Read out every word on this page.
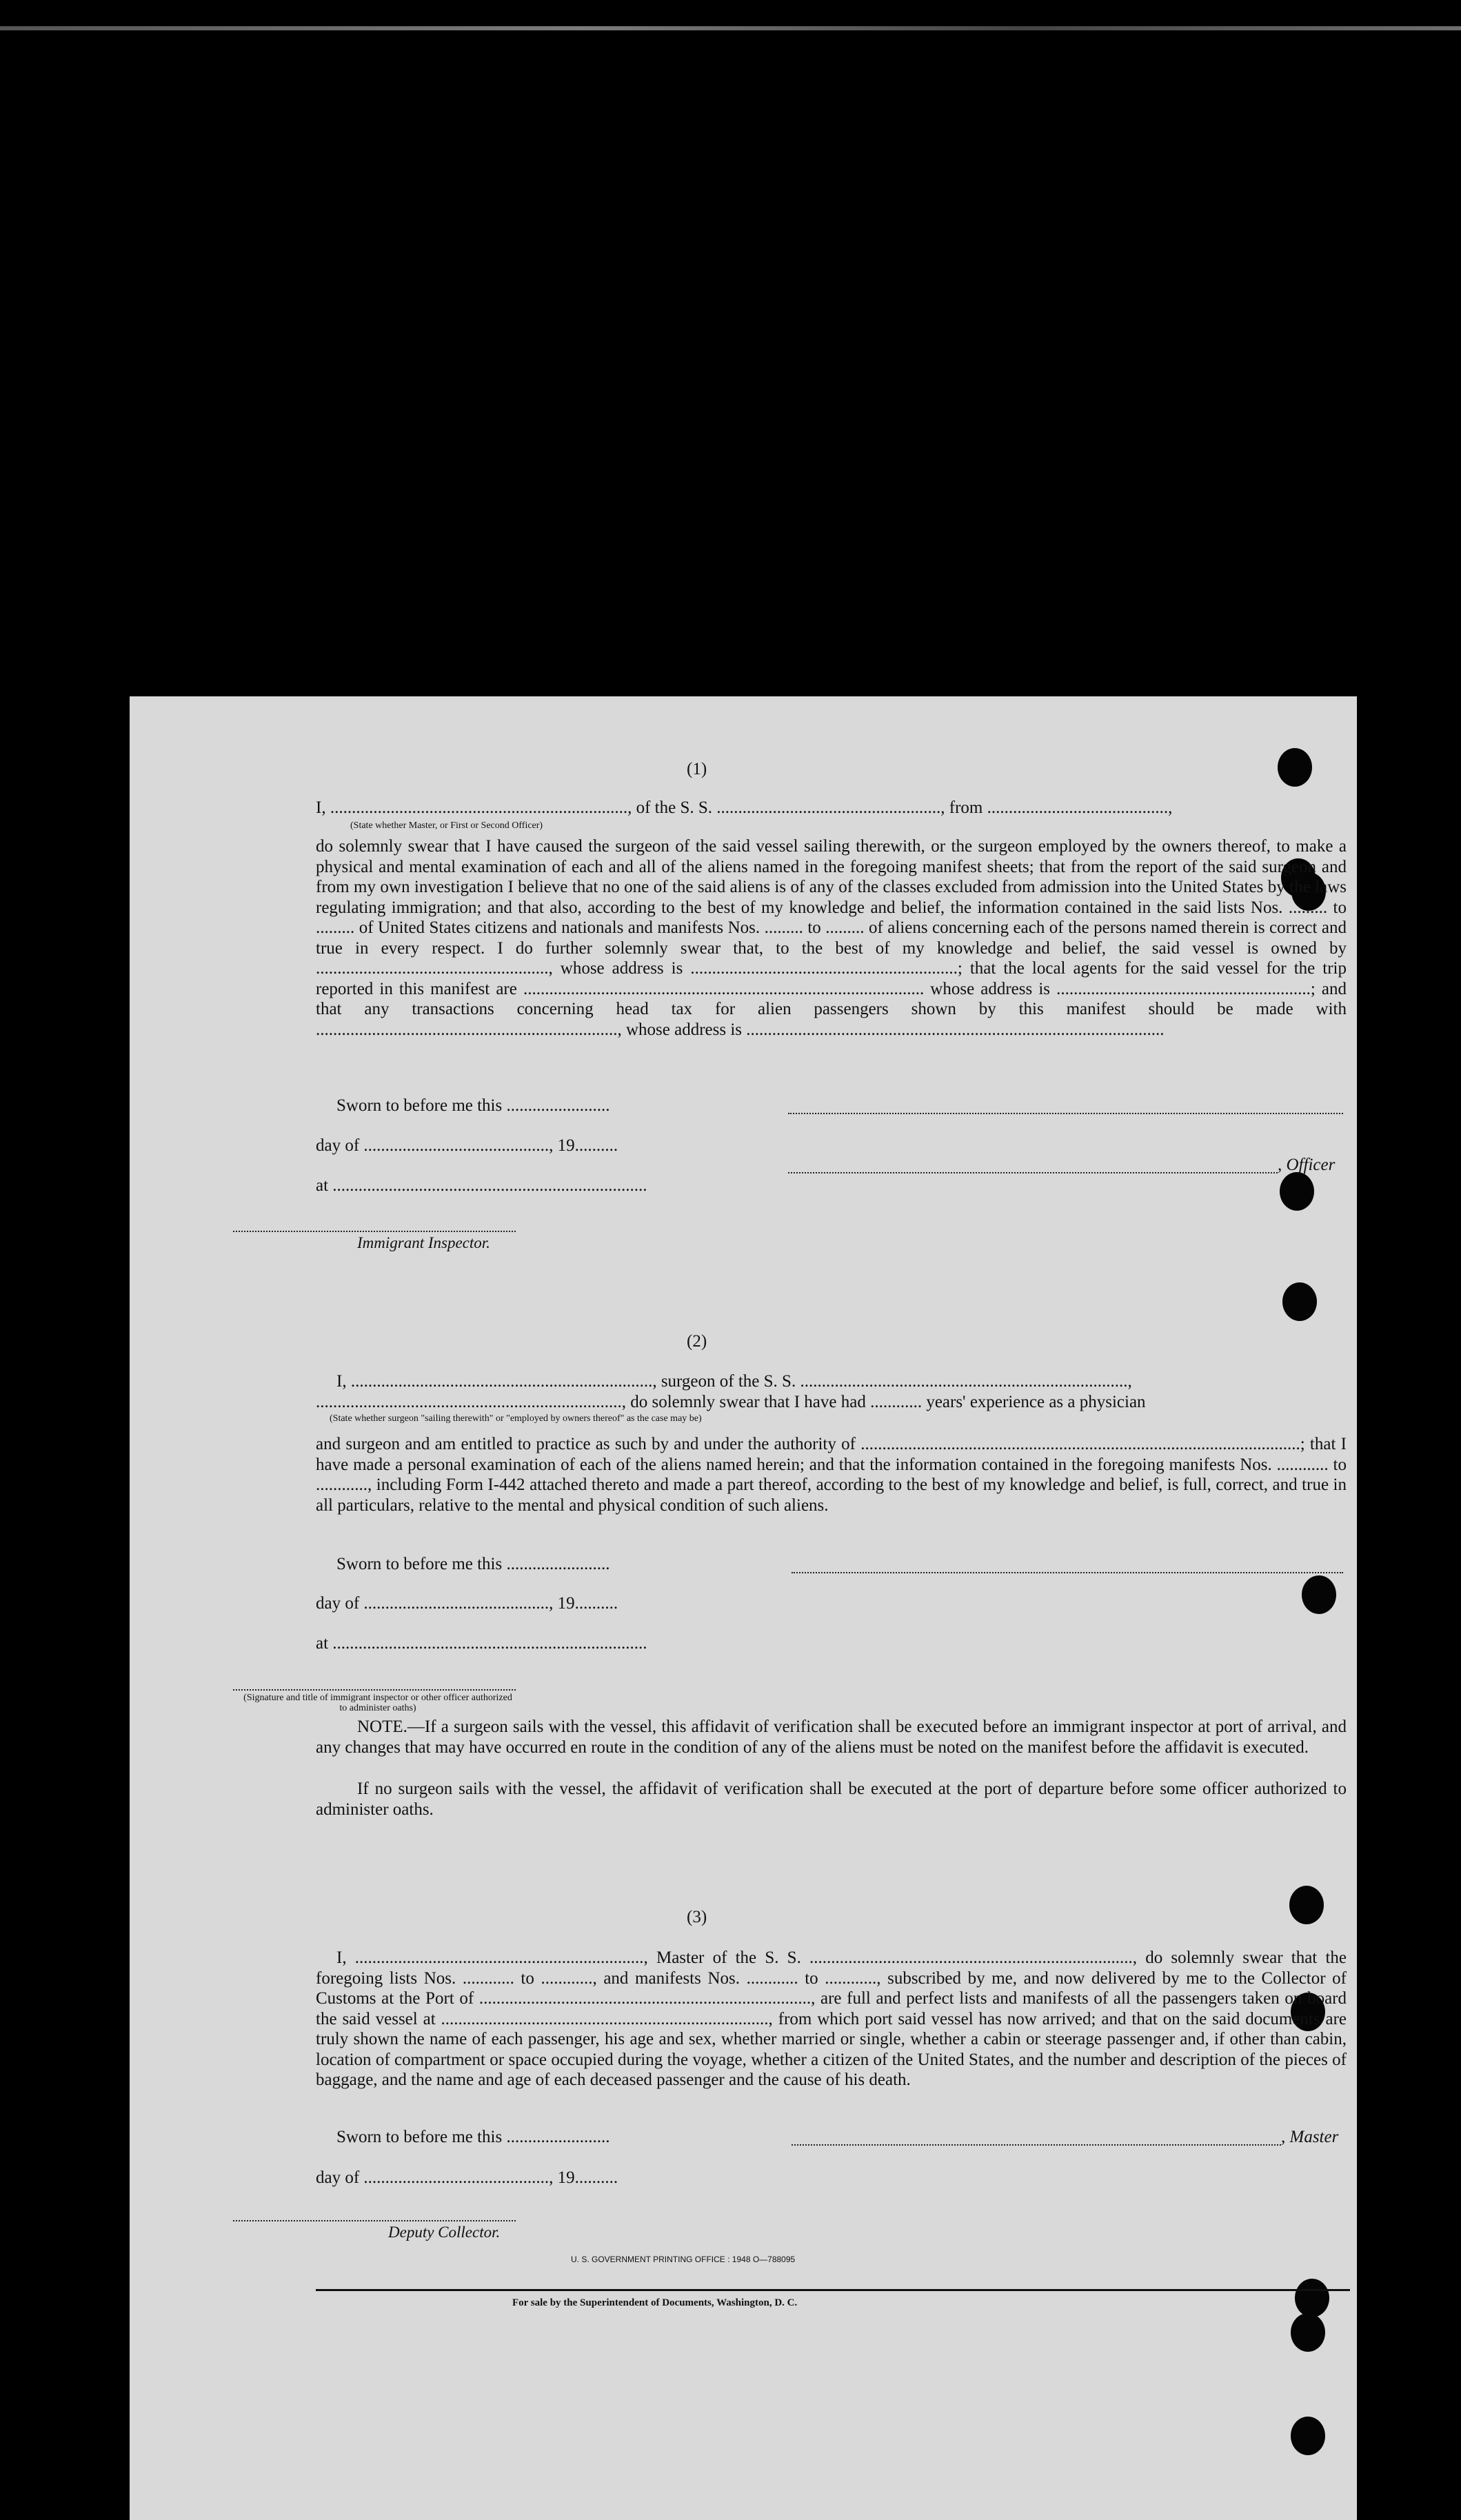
(1)
I, ....................................................................., of the S. S. ...................................................., from ..........................................,
(State whether Master, or First or Second Officer)
do solemnly swear that I have caused the surgeon of the said vessel sailing therewith, or the surgeon employed by the owners thereof, to make a physical and mental examination of each and all of the aliens named in the foregoing manifest sheets; that from the report of the said surgeon and from my own investigation I believe that no one of the said aliens is of any of the classes excluded from admission into the United States by the laws regulating immigration; and that also, according to the best of my knowledge and belief, the information contained in the said lists Nos. ......... to ......... of United States citizens and nationals and manifests Nos. ......... to ......... of aliens concerning each of the persons named therein is correct and true in every respect. I do further solemnly swear that, to the best of my knowledge and belief, the said vessel is owned by ......................................................, whose address is ..............................................................; that the local agents for the said vessel for the trip reported in this manifest are ............................................................................................. whose address is ...........................................................; and that any transactions concerning head tax for alien passengers shown by this manifest should be made with ......................................................................, whose address is .................................................................................................
Sworn to before me this ........................
day of ..........................................., 19..........
, Officer
at .........................................................................
Immigrant Inspector.
(2)
I, ......................................................................, surgeon of the S. S. ............................................................................,
......................................................................., do solemnly swear that I have had ............ years' experience as a physician
(State whether surgeon "sailing therewith" or "employed by owners thereof" as the case may be)
and surgeon and am entitled to practice as such by and under the authority of ......................................................................................................; that I have made a personal examination of each of the aliens named herein; and that the information contained in the foregoing manifests Nos. ............ to ............, including Form I-442 attached thereto and made a part thereof, according to the best of my knowledge and belief, is full, correct, and true in all particulars, relative to the mental and physical condition of such aliens.
Sworn to before me this ........................
day of ..........................................., 19..........
at .........................................................................
(Signature and title of immigrant inspector or other officer authorized to administer oaths)
NOTE.—If a surgeon sails with the vessel, this affidavit of verification shall be executed before an immigrant inspector at port of arrival, and any changes that may have occurred en route in the condition of any of the aliens must be noted on the manifest before the affidavit is executed.
If no surgeon sails with the vessel, the affidavit of verification shall be executed at the port of departure before some officer authorized to administer oaths.
(3)
I, ..................................................................., Master of the S. S. ..........................................................................., do solemnly swear that the foregoing lists Nos. ............ to ............, and manifests Nos. ............ to ............, subscribed by me, and now delivered by me to the Collector of Customs at the Port of ............................................................................., are full and perfect lists and manifests of all the passengers taken on board the said vessel at ............................................................................, from which port said vessel has now arrived; and that on the said documents are truly shown the name of each passenger, his age and sex, whether married or single, whether a cabin or steerage passenger and, if other than cabin, location of compartment or space occupied during the voyage, whether a citizen of the United States, and the number and description of the pieces of baggage, and the name and age of each deceased passenger and the cause of his death.
Sworn to before me this ........................	, Master
day of ..........................................., 19..........
Deputy Collector.
U. S. GOVERNMENT PRINTING OFFICE : 1948 O—788095
For sale by the Superintendent of Documents, Washington, D. C.
